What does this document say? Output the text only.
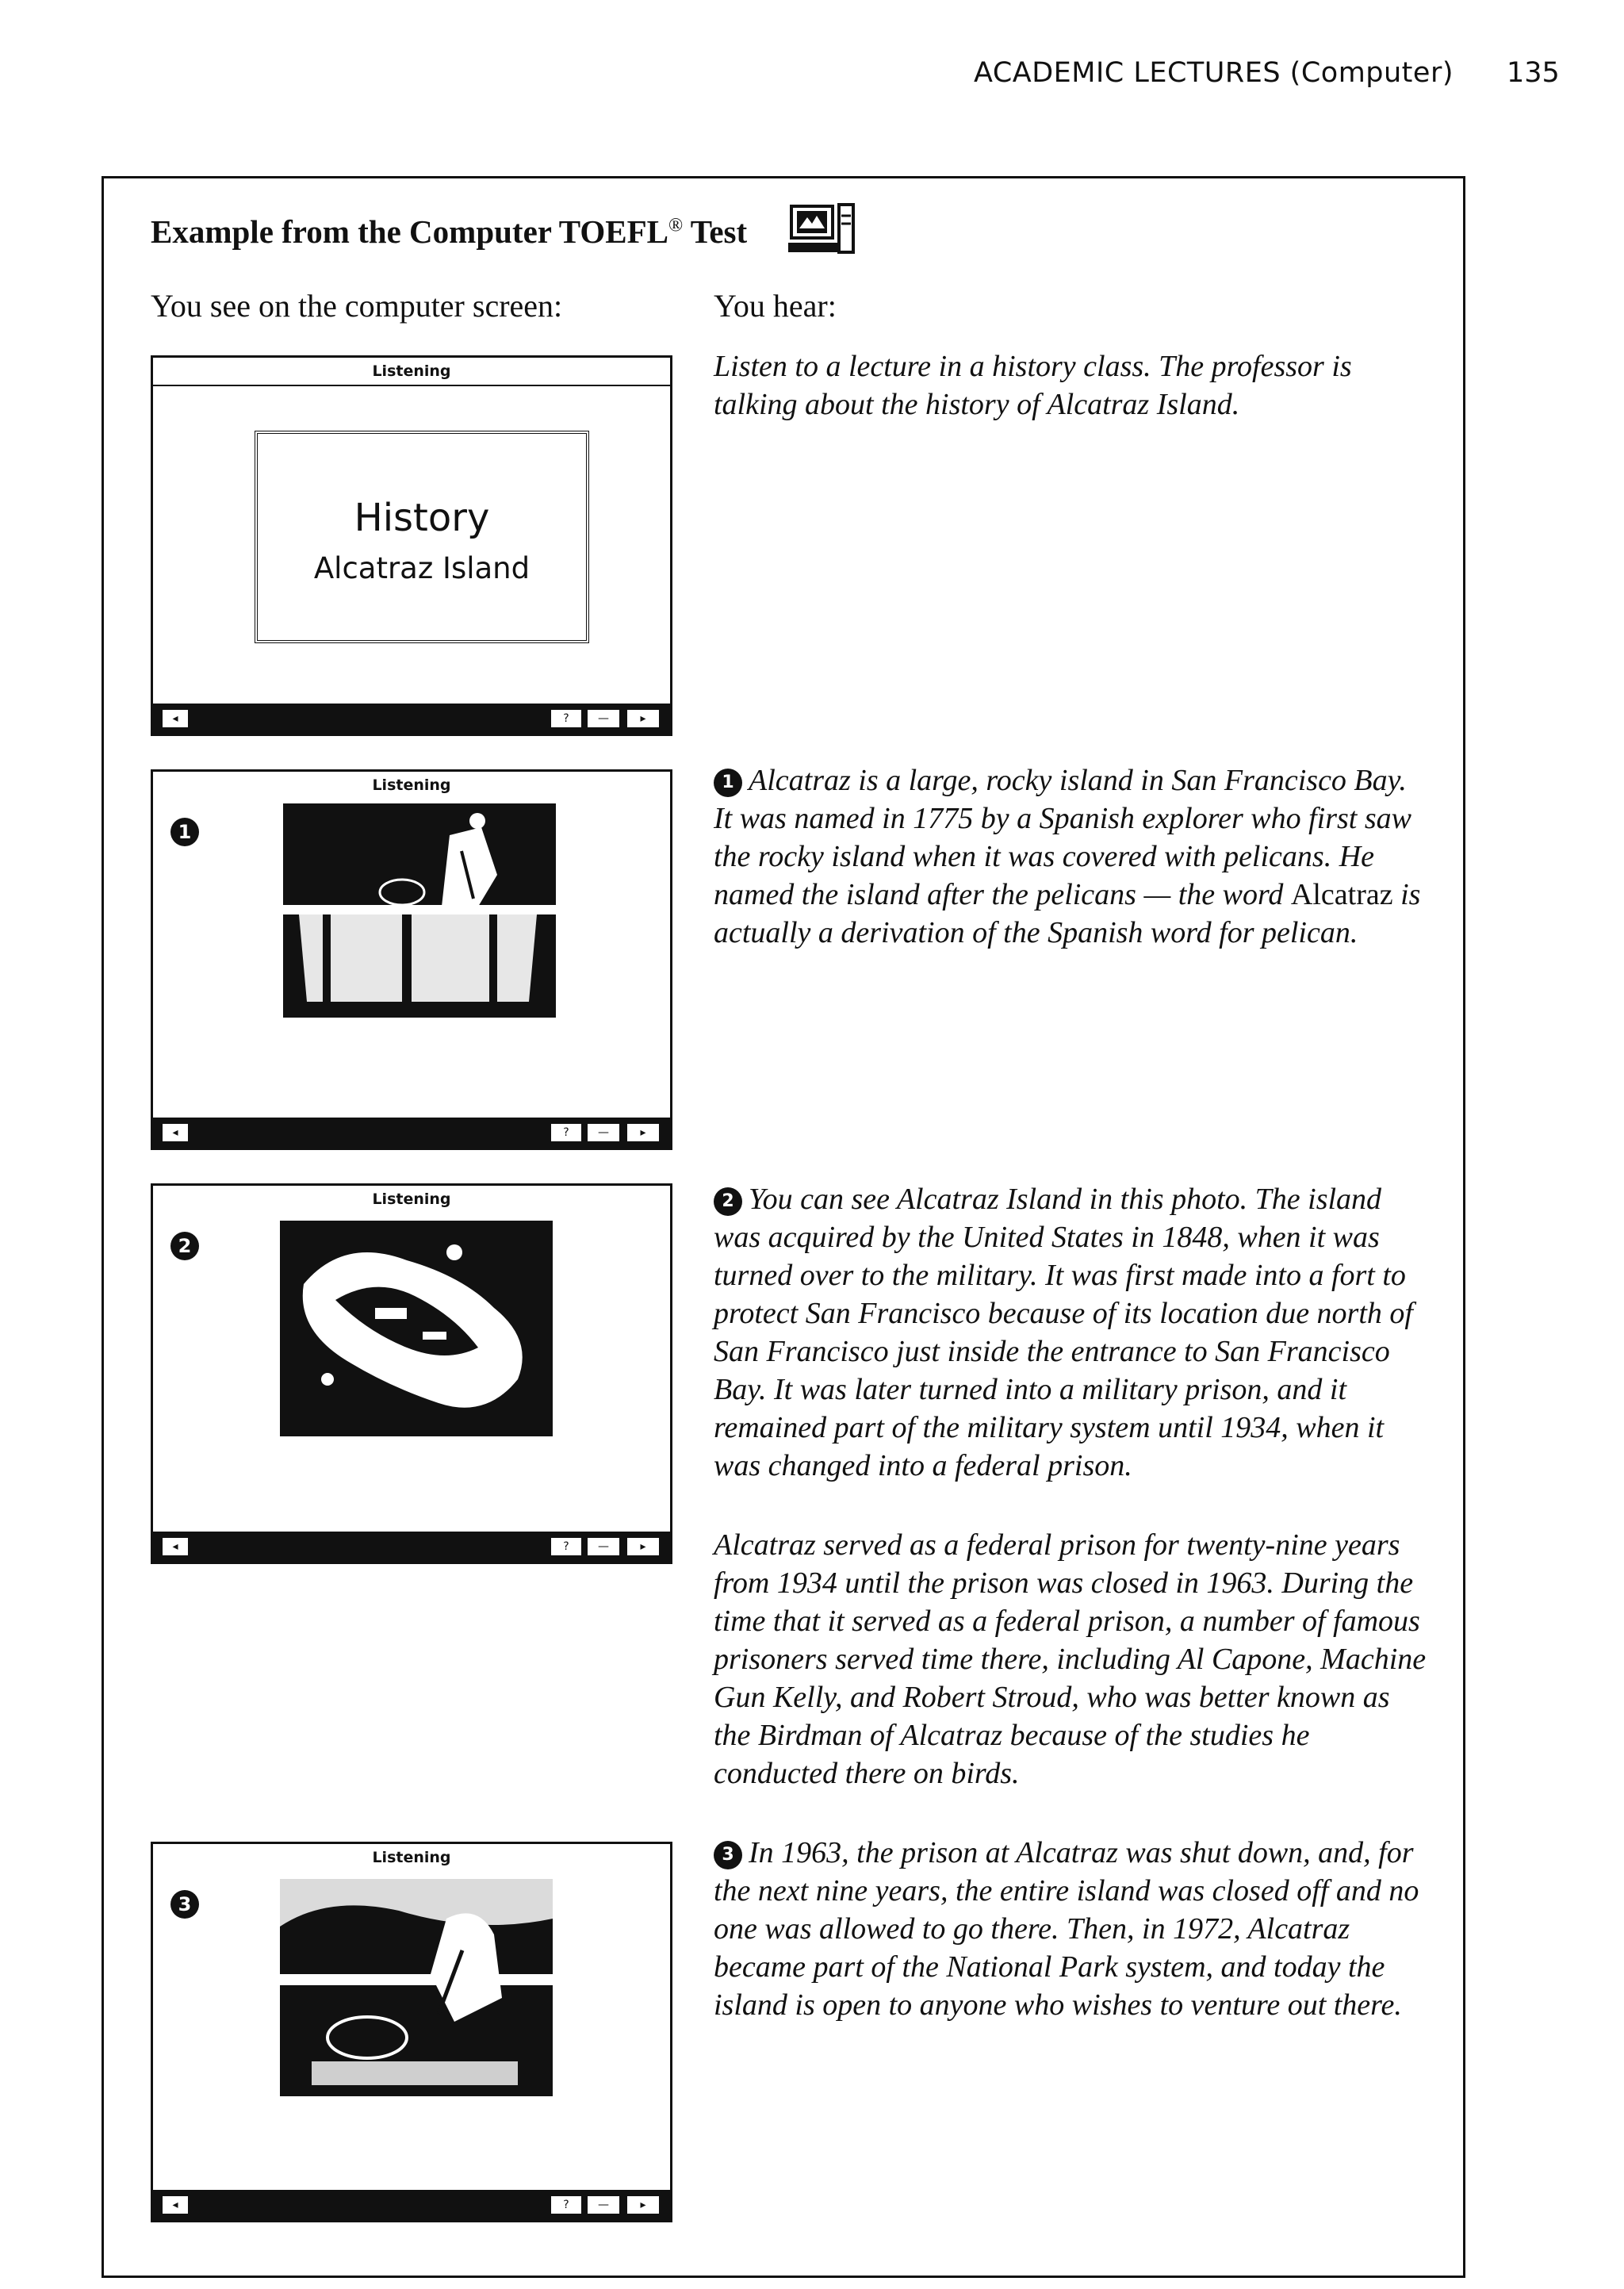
ACADEMIC LECTURES (Computer) 135
Example from the Computer TOEFL® Test
You see on the computer screen:	You hear:
Listening
History
Alcatraz Island
◂	?	—	▸
Listening
1
◂	?	—	▸
Listening
2
◂	?	—	▸
Listening
3
◂	?	—	▸
Listen to a lecture in a history class. The professor is talking about the history of Alcatraz Island.
1 Alcatraz is a large, rocky island in San Francisco Bay. It was named in 1775 by a Spanish explorer who first saw the rocky island when it was covered with pelicans. He named the island after the pelicans — the word Alcatraz is actually a derivation of the Spanish word for pelican.
2 You can see Alcatraz Island in this photo. The island was acquired by the United States in 1848, when it was turned over to the military. It was first made into a fort to protect San Francisco because of its location due north of San Francisco just inside the entrance to San Francisco Bay. It was later turned into a military prison, and it remained part of the military system until 1934, when it was changed into a federal prison.
Alcatraz served as a federal prison for twenty-nine years from 1934 until the prison was closed in 1963. During the time that it served as a federal prison, a number of famous prisoners served time there, including Al Capone, Machine Gun Kelly, and Robert Stroud, who was better known as the Birdman of Alcatraz because of the studies he conducted there on birds.
3 In 1963, the prison at Alcatraz was shut down, and, for the next nine years, the entire island was closed off and no one was allowed to go there. Then, in 1972, Alcatraz became part of the National Park system, and today the island is open to anyone who wishes to venture out there.
